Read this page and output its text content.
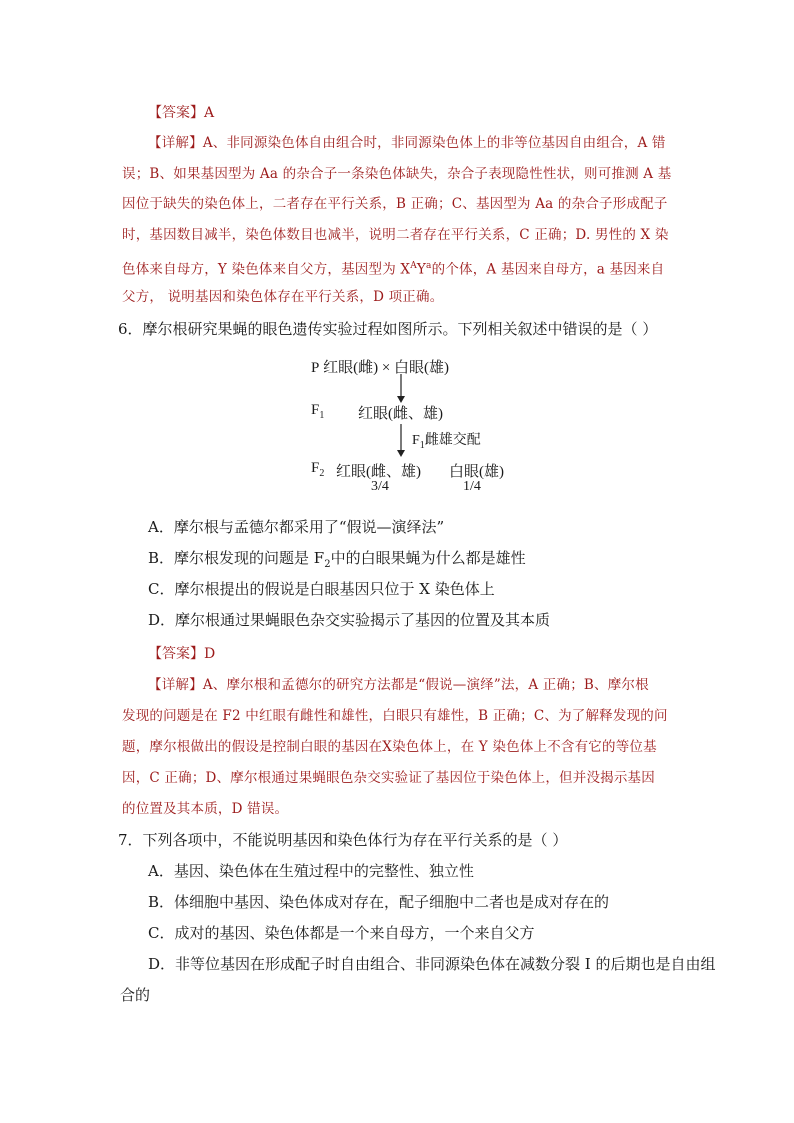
【答案】A
【详解】A、非同源染色体自由组合时，非同源染色体上的非等位基因自由组合，A 错
误；B、如果基因型为 Aa 的杂合子一条染色体缺失，杂合子表现隐性性状，则可推测 A 基
因位于缺失的染色体上，二者存在平行关系，B 正确；C、基因型为 Aa 的杂合子形成配子
时，基因数目减半，染色体数目也减半，说明二者存在平行关系，C 正确；D. 男性的 X 染
色体来自母方，Y 染色体来自父方，基因型为 $X^AY^a$的个体，A 基因来自母方，a 基因来自
父方， 说明基因和染色体存在平行关系，D 项正确。
6．摩尔根研究果蝇的眼色遗传实验过程如图所示。下列相关叙述中错误的是（ ）
P 红眼(雌) × 白眼(雄)
$F_1$ 红眼(雌、雄)
$F_1$雌雄交配
$F_2$ 红眼(雌、雄) 白眼(雄)
3/4	1/4
A．摩尔根与孟德尔都采用了“假说—演绎法”
B．摩尔根发现的问题是 $F_2$中的白眼果蝇为什么都是雄性
C．摩尔根提出的假说是白眼基因只位于 X 染色体上
D．摩尔根通过果蝇眼色杂交实验揭示了基因的位置及其本质
【答案】D
【详解】A、摩尔根和孟德尔的研究方法都是“假说—演绎”法，A 正确；B、摩尔根
发现的问题是在 F2 中红眼有雌性和雄性，白眼只有雄性，B 正确；C、为了解释发现的问
题，摩尔根做出的假设是控制白眼的基因在X染色体上，在 Y 染色体上不含有它的等位基
因，C 正确；D、摩尔根通过果蝇眼色杂交实验证了基因位于染色体上，但并没揭示基因
的位置及其本质，D 错误。
7．下列各项中，不能说明基因和染色体行为存在平行关系的是（ ）
A．基因、染色体在生殖过程中的完整性、独立性
B．体细胞中基因、染色体成对存在，配子细胞中二者也是成对存在的
C．成对的基因、染色体都是一个来自母方，一个来自父方
D．非等位基因在形成配子时自由组合、非同源染色体在减数分裂 I 的后期也是自由组
合的
